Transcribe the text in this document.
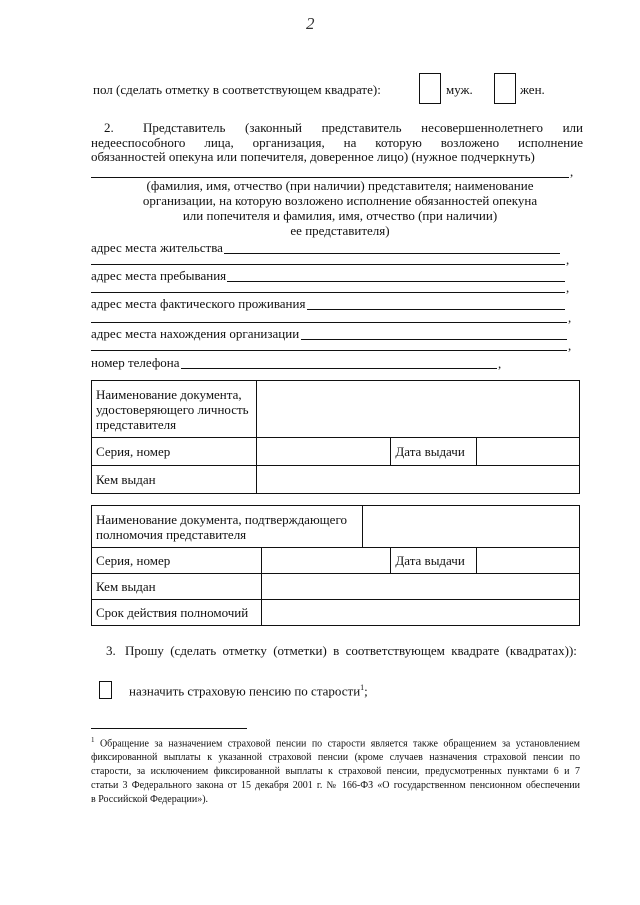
2
пол (сделать отметку в соответствующем квадрате):	муж.	жен.
2. Представитель (законный представитель несовершеннолетнего или
недееспособного лица, организация, на которую возложено исполнение
обязанностей опекуна или попечителя, доверенное лицо) (нужное подчеркнуть)
,
(фамилия, имя, отчество (при наличии) представителя; наименование
организации, на которую возложено исполнение обязанностей опекуна
или попечителя и фамилия, имя, отчество (при наличии)
ее представителя)
адрес места жительства
,
адрес места пребывания
,
адрес места фактического проживания
,
адрес места нахождения организации
,
номер телефона	,
Наименование документа,
удостоверяющего личность
представителя			

Серия, номер		Дата выдачи	
Кем выдан			
Наименование документа, подтверждающего
полномочия представителя				

Серия, номер			Дата выдачи	
Кем выдан				
Срок действия полномочий				
3. Прошу (сделать отметку (отметки) в соответствующем квадрате (квадратах)):
назначить страховую пенсию по старости$^1$;
$^1$ Обращение за назначением страховой пенсии по старости является также обращением за установлением
фиксированной выплаты к указанной страховой пенсии (кроме случаев назначения страховой пенсии по
старости, за исключением фиксированной выплаты к страховой пенсии, предусмотренных пунктами 6 и 7
статьи 3 Федерального закона от 15 декабря 2001 г. № 166-ФЗ «О государственном пенсионном обеспечении
в Российской Федерации»).
